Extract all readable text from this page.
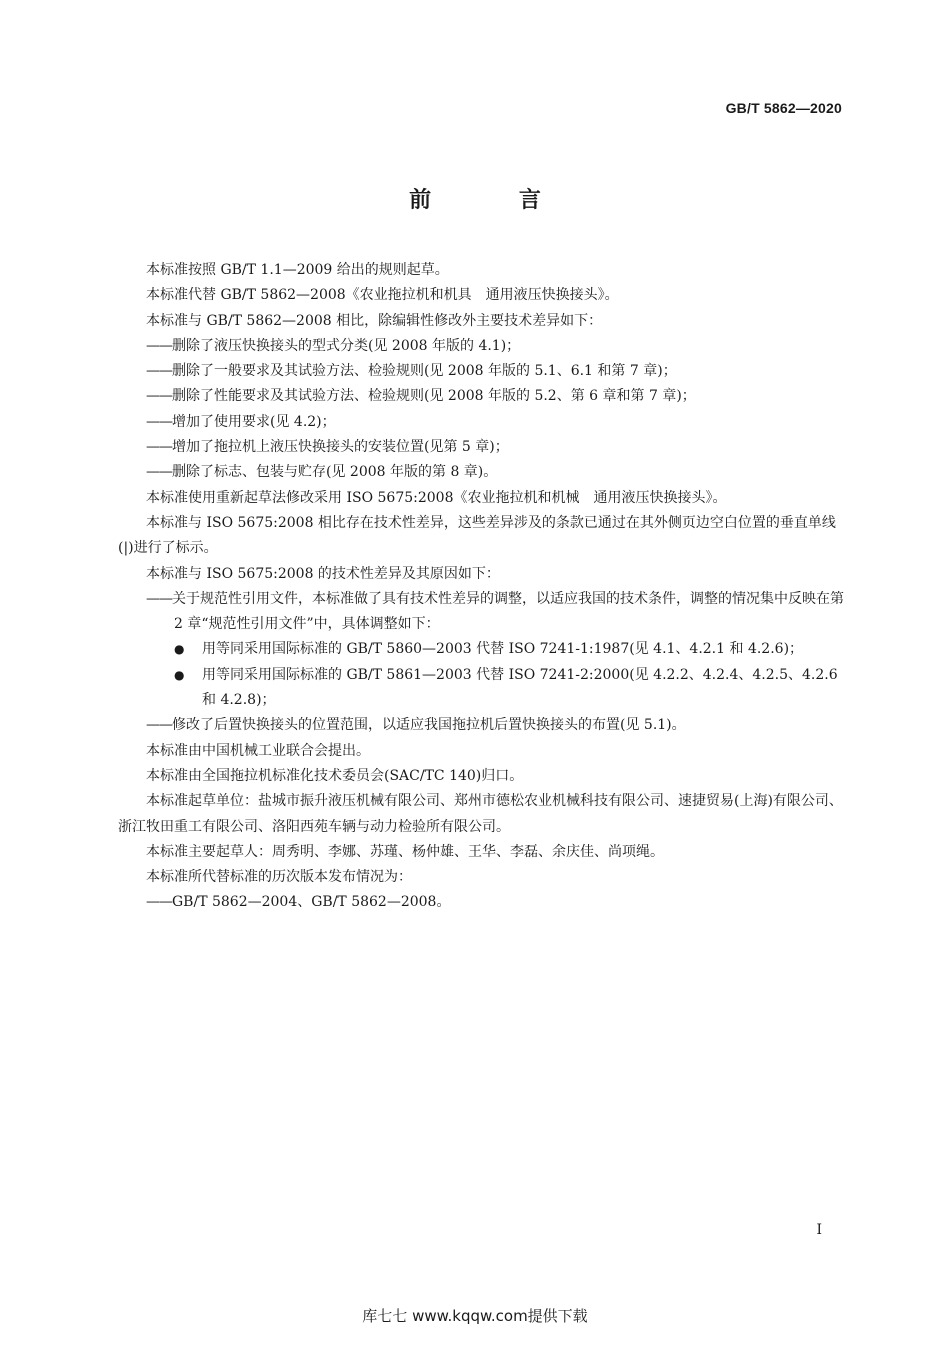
GB/T 5862—2020
前 言

本标准按照 GB/T 1.1—2009 给出的规则起草。

本标准代替 GB/T 5862—2008《农业拖拉机和机具　通用液压快换接头》。

本标准与 GB/T 5862—2008 相比，除编辑性修改外主要技术差异如下：

—— 删除了液压快换接头的型式分类(见 2008 年版的 4.1)；

—— 删除了一般要求及其试验方法、检验规则(见 2008 年版的 5.1、6.1 和第 7 章)；

—— 删除了性能要求及其试验方法、检验规则(见 2008 年版的 5.2、第 6 章和第 7 章)；

—— 增加了使用要求(见 4.2)；

—— 增加了拖拉机上液压快换接头的安装位置(见第 5 章)；

—— 删除了标志、包装与贮存(见 2008 年版的第 8 章)。

本标准使用重新起草法修改采用 ISO 5675:2008《农业拖拉机和机械　通用液压快换接头》。

本标准与 ISO 5675:2008 相比存在技术性差异，这些差异涉及的条款已通过在其外侧页边空白位置的垂直单线(|)进行了标示。

本标准与 ISO 5675:2008 的技术性差异及其原因如下：

—— 关于规范性引用文件，本标准做了具有技术性差异的调整，以适应我国的技术条件，调整的情况集中反映在第 2 章“规范性引用文件”中，具体调整如下：

● 用等同采用国际标准的 GB/T 5860—2003 代替 ISO 7241-1:1987(见 4.1、4.2.1 和 4.2.6)；

● 用等同采用国际标准的 GB/T 5861—2003 代替 ISO 7241-2:2000(见 4.2.2、4.2.4、4.2.5、4.2.6 和 4.2.8)；

—— 修改了后置快换接头的位置范围，以适应我国拖拉机后置快换接头的布置(见 5.1)。

本标准由中国机械工业联合会提出。

本标准由全国拖拉机标准化技术委员会(SAC/TC 140)归口。

本标准起草单位：盐城市振升液压机械有限公司、郑州市德松农业机械科技有限公司、速捷贸易(上海)有限公司、浙江牧田重工有限公司、洛阳西苑车辆与动力检验所有限公司。

本标准主要起草人：周秀明、李娜、苏瑾、杨仲雄、王华、李磊、余庆佳、尚项绳。

本标准所代替标准的历次版本发布情况为：

—— GB/T 5862—2004、GB/T 5862—2008。

I
库七七 www.kqqw.com提供下载
